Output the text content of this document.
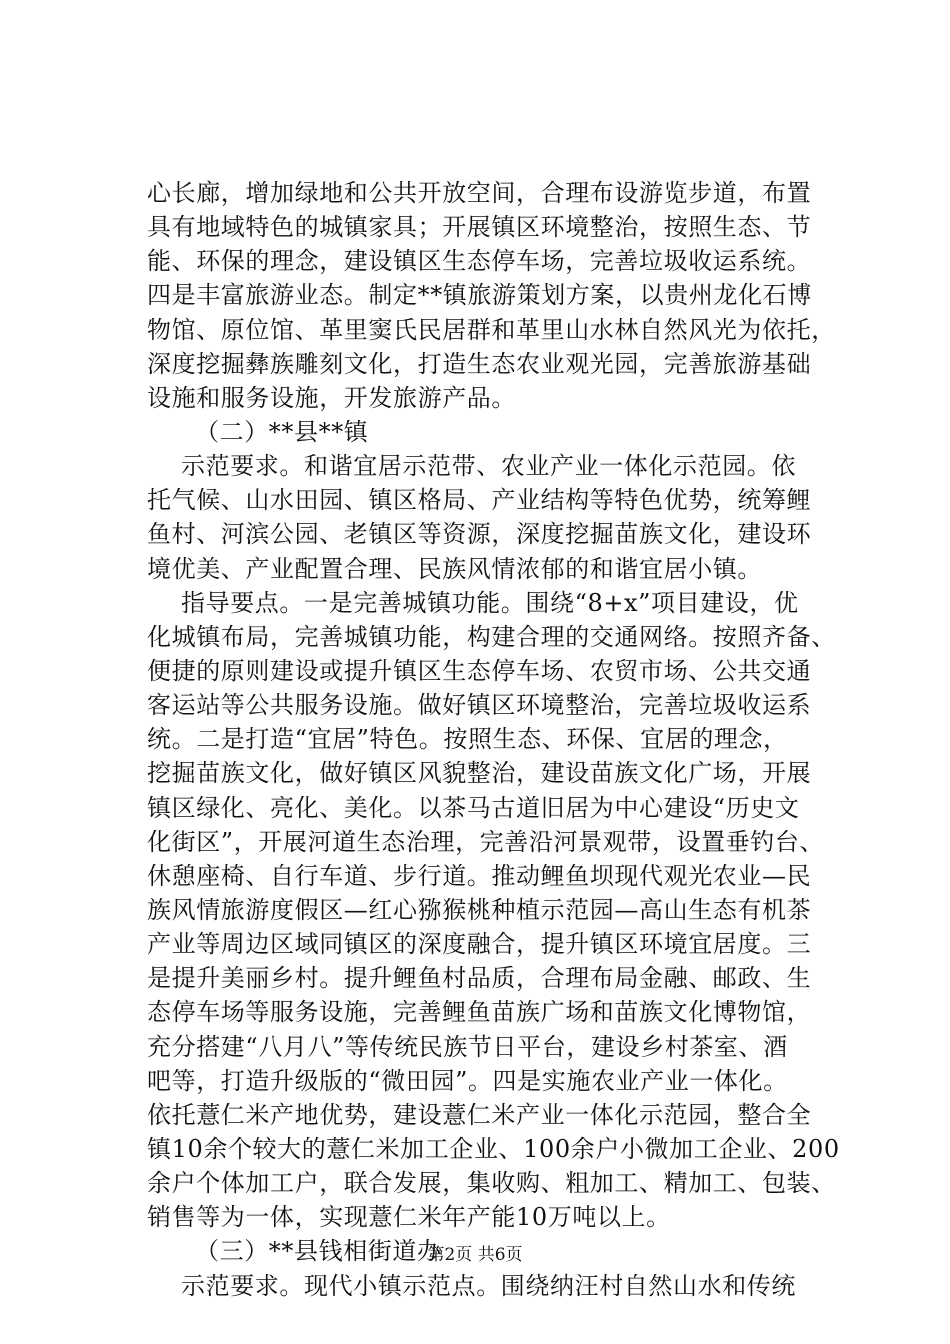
心长廊，增加绿地和公共开放空间，合理布设游览步道，布置
具有地域特色的城镇家具；开展镇区环境整治，按照生态、节
能、环保的理念，建设镇区生态停车场，完善垃圾收运系统。
四是丰富旅游业态。制定**镇旅游策划方案，以贵州龙化石博
物馆、原位馆、革里窦氏民居群和革里山水林自然风光为依托，
深度挖掘彝族雕刻文化，打造生态农业观光园，完善旅游基础
设施和服务设施，开发旅游产品。
（二）**县**镇
示范要求。和谐宜居示范带、农业产业一体化示范园。依
托气候、山水田园、镇区格局、产业结构等特色优势，统筹鲤
鱼村、河滨公园、老镇区等资源，深度挖掘苗族文化，建设环
境优美、产业配置合理、民族风情浓郁的和谐宜居小镇。
指导要点。一是完善城镇功能。围绕“8+x”项目建设，优
化城镇布局，完善城镇功能，构建合理的交通网络。按照齐备、
便捷的原则建设或提升镇区生态停车场、农贸市场、公共交通
客运站等公共服务设施。做好镇区环境整治，完善垃圾收运系
统。二是打造“宜居”特色。按照生态、环保、宜居的理念，
挖掘苗族文化，做好镇区风貌整治，建设苗族文化广场，开展
镇区绿化、亮化、美化。以茶马古道旧居为中心建设“历史文
化街区”，开展河道生态治理，完善沿河景观带，设置垂钓台、
休憩座椅、自行车道、步行道。推动鲤鱼坝现代观光农业—民
族风情旅游度假区—红心猕猴桃种植示范园—高山生态有机茶
产业等周边区域同镇区的深度融合，提升镇区环境宜居度。三
是提升美丽乡村。提升鲤鱼村品质，合理布局金融、邮政、生
态停车场等服务设施，完善鲤鱼苗族广场和苗族文化博物馆，
充分搭建“八月八”等传统民族节日平台，建设乡村茶室、酒
吧等，打造升级版的“微田园”。四是实施农业产业一体化。
依托薏仁米产地优势，建设薏仁米产业一体化示范园，整合全
镇10余个较大的薏仁米加工企业、100余户小微加工企业、200
余户个体加工户，联合发展，集收购、粗加工、精加工、包装、
销售等为一体，实现薏仁米年产能10万吨以上。
（三）**县钱相街道办
示范要求。现代小镇示范点。围绕纳汪村自然山水和传统
第2页 共6页
